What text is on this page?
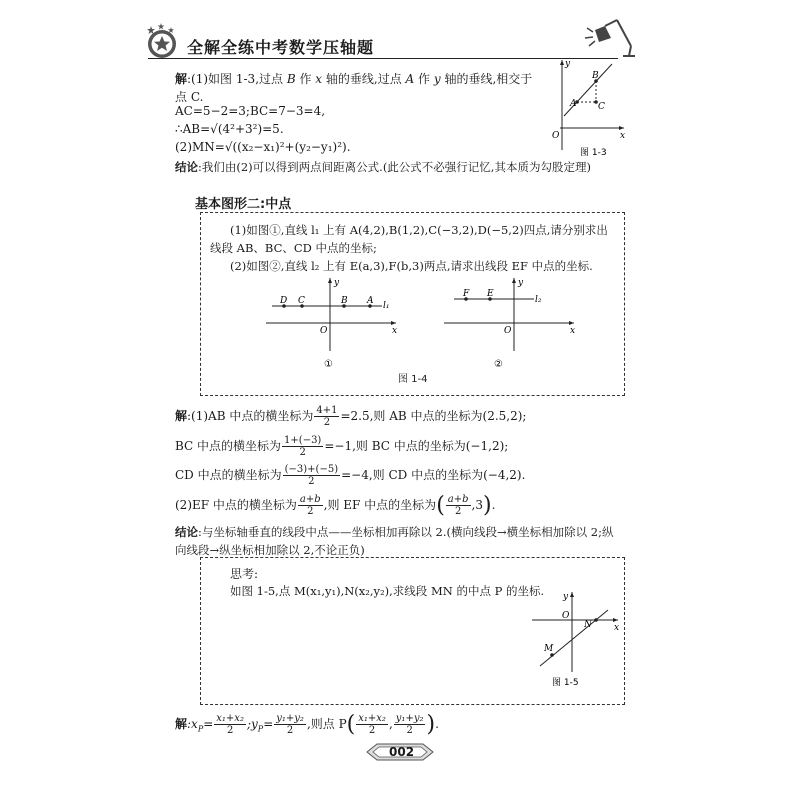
全解全练中考数学压轴题
解:(1)如图 1-3,过点 B 作 x 轴的垂线,过点 A 作 y 轴的垂线,相交于
点 C.
AC=5−2=3;BC=7−3=4,
∴AB=√(4²+3²)=5.
(2)MN=√((x₂−x₁)²+(y₂−y₁)²).
结论:我们由(2)可以得到两点间距离公式.(此公式不必强行记忆,其本质为勾股定理)
y
x
O
A
B
C
图 1-3
基本图形二:中点
(1)如图①,直线 l₁ 上有 A(4,2),B(1,2),C(−3,2),D(−5,2)四点,请分别求出
线段 AB、BC、CD 中点的坐标;
(2)如图②,直线 l₂ 上有 E(a,3),F(b,3)两点,请求出线段 EF 中点的坐标.
y
x
O
D C	B A l₁
①
y
x
O
F E
l₂
②
图 1-4
解:(1)AB 中点的横坐标为 $\frac{4+1}{2} =2.5$,则 AB 中点的坐标为(2.5,2);
BC 中点的横坐标为 $\frac{1+(-3)}{2} =-1$,则 BC 中点的坐标为(−1,2);
CD 中点的横坐标为 $\frac{(-3)+(-5)}{2} =-4$,则 CD 中点的坐标为(−4,2).
(2)EF 中点的横坐标为 $\frac{a+b}{2}$ ,则 EF 中点的坐标为( $\frac{a+b}{2} ,3$).
结论:与坐标轴垂直的线段中点——坐标相加再除以 2.(横向线段→横坐标相加除以 2;纵
向线段→纵坐标相加除以 2,不论正负)
思考:
如图 1-5,点 M(x₁,y₁),N(x₂,y₂),求线段 MN 的中点 P 的坐标. y
x
O
N
M
图 1-5
解$:x_P= \frac{\text{x₁+x₂}}{2}$ $;y_P= \frac{\text{y₁+y₂}}{2}$ ,则点 $P( \frac{\text{x₁+x₂}}{2}$ , $\frac{\text{y₁+y₂}}{2}$ ).
002
